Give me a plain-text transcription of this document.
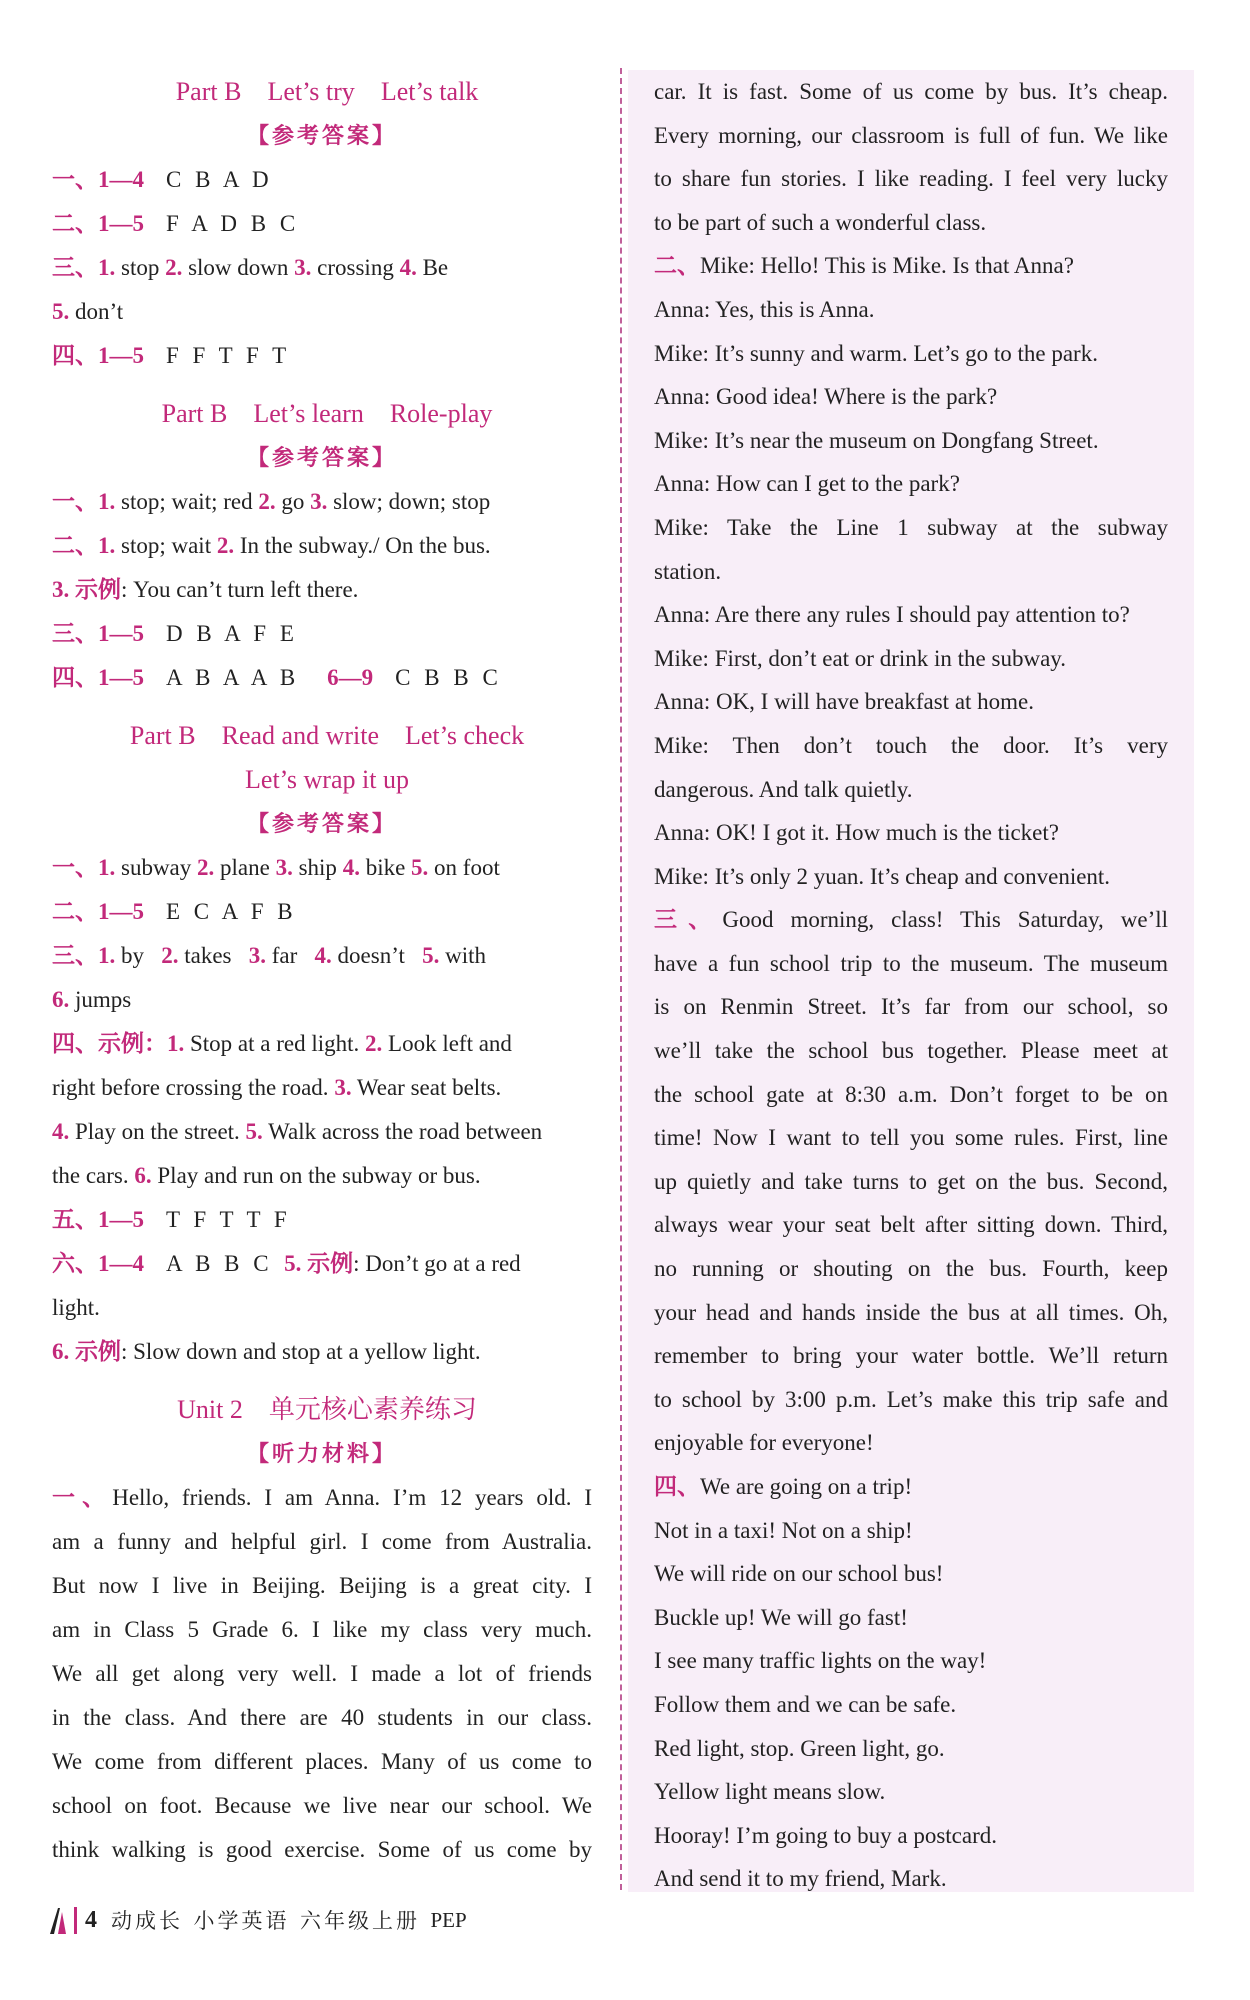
Part B Let’s try Let’s talk

【参考答案】

一、1—4 C B A D

二、1—5 F A D B C

三、1. stop 2. slow down 3. crossing 4. Be

5. don’t

四、1—5 F F T F T

Part B Let’s learn Role-play

【参考答案】

一、1. stop; wait; red 2. go 3. slow; down; stop

二、1. stop; wait 2. In the subway./ On the bus.

3. 示例: You can’t turn left there.

三、1—5 D B A F E

四、1—5 A B A A B 6—9 C B B C

Part B Read and write Let’s check

Let’s wrap it up

【参考答案】

一、1. subway 2. plane 3. ship 4. bike 5. on foot

二、1—5 E C A F B

三、1. by   2. takes   3. far   4. doesn’t   5. with

6. jumps

四、示例：1. Stop at a red light. 2. Look left and

right before crossing the road. 3. Wear seat belts.

4. Play on the street. 5. Walk across the road between

the cars. 6. Play and run on the subway or bus.

五、1—5 T F T T F

六、1—4 A B B C 5. 示例: Don’t go at a red

light.

6. 示例: Slow down and stop at a yellow light.

Unit 2 单元核心素养练习

【听力材料】

一、Hello, friends. I am Anna. I’m 12 years old. I

am a funny and helpful girl. I come from Australia.

But now I live in Beijing. Beijing is a great city. I

am in Class 5 Grade 6. I like my class very much.

We all get along very well. I made a lot of friends

in the class. And there are 40 students in our class.

We come from different places. Many of us come to

school on foot. Because we live near our school. We

think walking is good exercise. Some of us come by

car. It is fast. Some of us come by bus. It’s cheap.

Every morning, our classroom is full of fun. We like

to share fun stories. I like reading. I feel very lucky

to be part of such a wonderful class.

二、Mike: Hello! This is Mike. Is that Anna?

Anna: Yes, this is Anna.

Mike: It’s sunny and warm. Let’s go to the park.

Anna: Good idea! Where is the park?

Mike: It’s near the museum on Dongfang Street.

Anna: How can I get to the park?

Mike: Take the Line 1 subway at the subway

station.

Anna: Are there any rules I should pay attention to?

Mike: First, don’t eat or drink in the subway.

Anna: OK, I will have breakfast at home.

Mike: Then don’t touch the door. It’s very

dangerous. And talk quietly.

Anna: OK! I got it. How much is the ticket?

Mike: It’s only 2 yuan. It’s cheap and convenient.

三、Good morning, class! This Saturday, we’ll

have a fun school trip to the museum. The museum

is on Renmin Street. It’s far from our school, so

we’ll take the school bus together. Please meet at

the school gate at 8:30 a.m. Don’t forget to be on

time! Now I want to tell you some rules. First, line

up quietly and take turns to get on the bus. Second,

always wear your seat belt after sitting down. Third,

no running or shouting on the bus. Fourth, keep

your head and hands inside the bus at all times. Oh,

remember to bring your water bottle. We’ll return

to school by 3:00 p.m. Let’s make this trip safe and

enjoyable for everyone!

四、We are going on a trip!

Not in a taxi! Not on a ship!

We will ride on our school bus!

Buckle up! We will go fast!

I see many traffic lights on the way!

Follow them and we can be safe.

Red light, stop. Green light, go.

Yellow light means slow.

Hooray! I’m going to buy a postcard.

And send it to my friend, Mark.

4 动成长
小学英语
六年级上册
PEP
